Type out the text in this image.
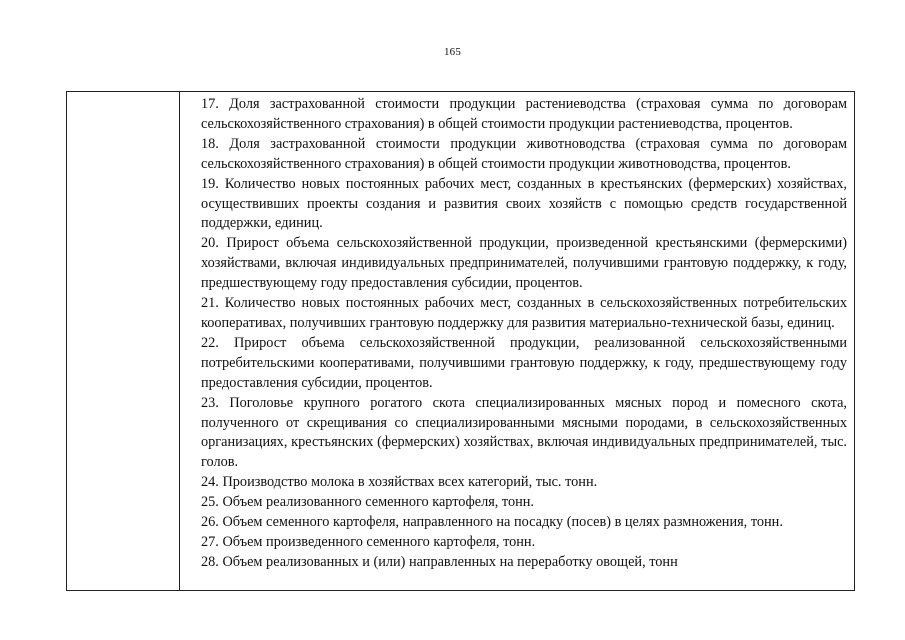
165

17. Доля застрахованной стоимости продукции растениеводства (страховая сумма по договорам сельскохозяйственного страхования) в общей стоимости продукции растениеводства, процентов.

18. Доля застрахованной стоимости продукции животноводства (страховая сумма по договорам сельскохозяйственного страхования) в общей стоимости продукции животноводства, процентов.

19. Количество новых постоянных рабочих мест, созданных в крестьянских (фермерских) хозяйствах, осуществивших проекты создания и развития своих хозяйств с помощью средств государственной поддержки, единиц.

20. Прирост объема сельскохозяйственной продукции, произведенной крестьянскими (фермерскими) хозяйствами, включая индивидуальных предпринимателей, получившими грантовую поддержку, к году, предшествующему году предоставления субсидии, процентов.

21. Количество новых постоянных рабочих мест, созданных в сельскохозяйственных потребительских кооперативах, получивших грантовую поддержку для развития материально-технической базы, единиц.

22. Прирост объема сельскохозяйственной продукции, реализованной сельскохозяйственными потребительскими кооперативами, получившими грантовую поддержку, к году, предшествующему году предоставления субсидии, процентов.

23. Поголовье крупного рогатого скота специализированных мясных пород и помесного скота, полученного от скрещивания со специализированными мясными породами, в сельскохозяйственных организациях, крестьянских (фермерских) хозяйствах, включая индивидуальных предпринимателей, тыс. голов.

24. Производство молока в хозяйствах всех категорий, тыс. тонн.

25. Объем реализованного семенного картофеля, тонн.

26. Объем семенного картофеля, направленного на посадку (посев) в целях размножения, тонн.

27. Объем произведенного семенного картофеля, тонн.

28. Объем реализованных и (или) направленных на переработку овощей, тонн
